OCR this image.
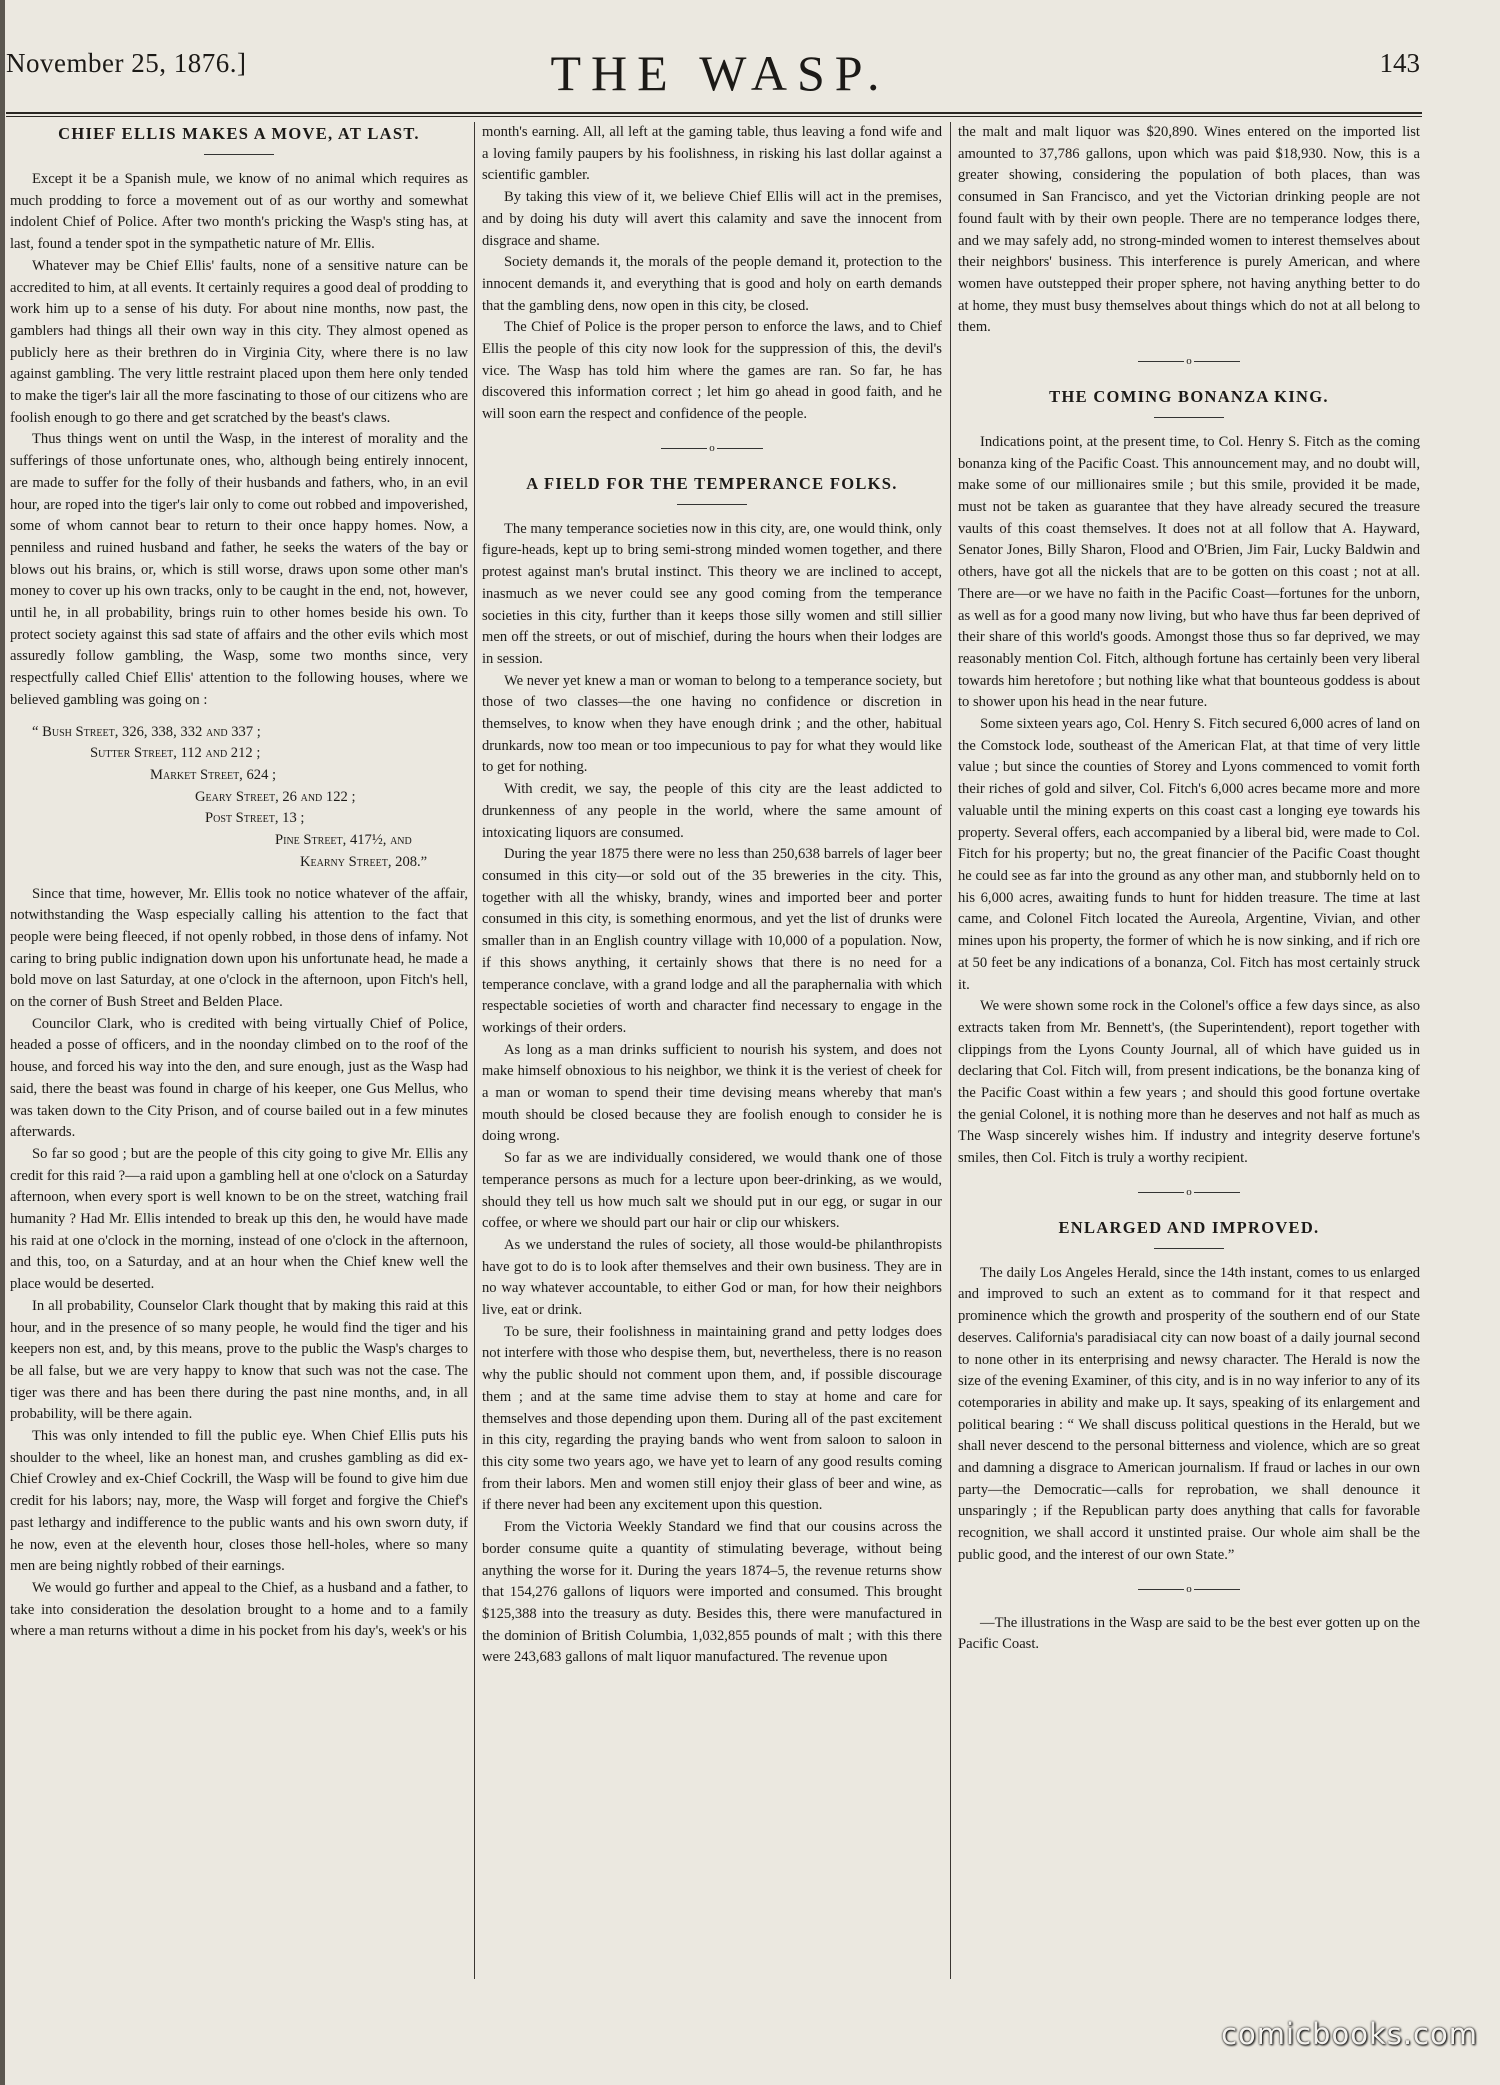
November 25, 1876.]	THE WASP.	143
CHIEF ELLIS MAKES A MOVE, AT LAST.

Except it be a Spanish mule, we know of no animal which requires as much prodding to force a movement out of as our worthy and somewhat indolent Chief of Police. After two month's pricking the Wasp's sting has, at last, found a tender spot in the sympathetic nature of Mr. Ellis.

Whatever may be Chief Ellis' faults, none of a sensitive nature can be accredited to him, at all events. It certainly requires a good deal of prodding to work him up to a sense of his duty. For about nine months, now past, the gamblers had things all their own way in this city. They almost opened as publicly here as their brethren do in Virginia City, where there is no law against gambling. The very little restraint placed upon them here only tended to make the tiger's lair all the more fascinating to those of our citizens who are foolish enough to go there and get scratched by the beast's claws.

Thus things went on until the Wasp, in the interest of morality and the sufferings of those unfortunate ones, who, although being entirely innocent, are made to suffer for the folly of their husbands and fathers, who, in an evil hour, are roped into the tiger's lair only to come out robbed and impoverished, some of whom cannot bear to return to their once happy homes. Now, a penniless and ruined husband and father, he seeks the waters of the bay or blows out his brains, or, which is still worse, draws upon some other man's money to cover up his own tracks, only to be caught in the end, not, however, until he, in all probability, brings ruin to other homes beside his own. To protect society against this sad state of affairs and the other evils which most assuredly follow gambling, the Wasp, some two months since, very respectfully called Chief Ellis' attention to the following houses, where we believed gambling was going on :

“ Bush Street, 326, 338, 332 and 337 ;
Sutter Street, 112 and 212 ;
Market Street, 624 ;
Geary Street, 26 and 122 ;
Post Street, 13 ;
Pine Street, 417½, and
Kearny Street, 208.”

Since that time, however, Mr. Ellis took no notice whatever of the affair, notwithstanding the Wasp especially calling his attention to the fact that people were being fleeced, if not openly robbed, in those dens of infamy. Not caring to bring public indignation down upon his unfortunate head, he made a bold move on last Saturday, at one o'clock in the afternoon, upon Fitch's hell, on the corner of Bush Street and Belden Place.

Councilor Clark, who is credited with being virtually Chief of Police, headed a posse of officers, and in the noonday climbed on to the roof of the house, and forced his way into the den, and sure enough, just as the Wasp had said, there the beast was found in charge of his keeper, one Gus Mellus, who was taken down to the City Prison, and of course bailed out in a few minutes afterwards.

So far so good ; but are the people of this city going to give Mr. Ellis any credit for this raid ?—a raid upon a gambling hell at one o'clock on a Saturday afternoon, when every sport is well known to be on the street, watching frail humanity ? Had Mr. Ellis intended to break up this den, he would have made his raid at one o'clock in the morning, instead of one o'clock in the afternoon, and this, too, on a Saturday, and at an hour when the Chief knew well the place would be deserted.

In all probability, Counselor Clark thought that by making this raid at this hour, and in the presence of so many people, he would find the tiger and his keepers non est, and, by this means, prove to the public the Wasp's charges to be all false, but we are very happy to know that such was not the case. The tiger was there and has been there during the past nine months, and, in all probability, will be there again.

This was only intended to fill the public eye. When Chief Ellis puts his shoulder to the wheel, like an honest man, and crushes gambling as did ex-Chief Crowley and ex-Chief Cockrill, the Wasp will be found to give him due credit for his labors; nay, more, the Wasp will forget and forgive the Chief's past lethargy and indifference to the public wants and his own sworn duty, if he now, even at the eleventh hour, closes those hell-holes, where so many men are being nightly robbed of their earnings.

We would go further and appeal to the Chief, as a husband and a father, to take into consideration the desolation brought to a home and to a family where a man returns without a dime in his pocket from his day's, week's or his

month's earning. All, all left at the gaming table, thus leaving a fond wife and a loving family paupers by his foolishness, in risking his last dollar against a scientific gambler.

By taking this view of it, we believe Chief Ellis will act in the premises, and by doing his duty will avert this calamity and save the innocent from disgrace and shame.

Society demands it, the morals of the people demand it, protection to the innocent demands it, and everything that is good and holy on earth demands that the gambling dens, now open in this city, be closed.

The Chief of Police is the proper person to enforce the laws, and to Chief Ellis the people of this city now look for the suppression of this, the devil's vice. The Wasp has told him where the games are ran. So far, he has discovered this information correct ; let him go ahead in good faith, and he will soon earn the respect and confidence of the people.

o
A FIELD FOR THE TEMPERANCE FOLKS.

The many temperance societies now in this city, are, one would think, only figure-heads, kept up to bring semi-strong minded women together, and there protest against man's brutal instinct. This theory we are inclined to accept, inasmuch as we never could see any good coming from the temperance societies in this city, further than it keeps those silly women and still sillier men off the streets, or out of mischief, during the hours when their lodges are in session.

We never yet knew a man or woman to belong to a temperance society, but those of two classes—the one having no confidence or discretion in themselves, to know when they have enough drink ; and the other, habitual drunkards, now too mean or too impecunious to pay for what they would like to get for nothing.

With credit, we say, the people of this city are the least addicted to drunkenness of any people in the world, where the same amount of intoxicating liquors are consumed.

During the year 1875 there were no less than 250,638 barrels of lager beer consumed in this city—or sold out of the 35 breweries in the city. This, together with all the whisky, brandy, wines and imported beer and porter consumed in this city, is something enormous, and yet the list of drunks were smaller than in an English country village with 10,000 of a population. Now, if this shows anything, it certainly shows that there is no need for a temperance conclave, with a grand lodge and all the paraphernalia with which respectable societies of worth and character find necessary to engage in the workings of their orders.

As long as a man drinks sufficient to nourish his system, and does not make himself obnoxious to his neighbor, we think it is the veriest of cheek for a man or woman to spend their time devising means whereby that man's mouth should be closed because they are foolish enough to consider he is doing wrong.

So far as we are individually considered, we would thank one of those temperance persons as much for a lecture upon beer-drinking, as we would, should they tell us how much salt we should put in our egg, or sugar in our coffee, or where we should part our hair or clip our whiskers.

As we understand the rules of society, all those would-be philanthropists have got to do is to look after themselves and their own business. They are in no way whatever accountable, to either God or man, for how their neighbors live, eat or drink.

To be sure, their foolishness in maintaining grand and petty lodges does not interfere with those who despise them, but, nevertheless, there is no reason why the public should not comment upon them, and, if possible discourage them ; and at the same time advise them to stay at home and care for themselves and those depending upon them. During all of the past excitement in this city, regarding the praying bands who went from saloon to saloon in this city some two years ago, we have yet to learn of any good results coming from their labors. Men and women still enjoy their glass of beer and wine, as if there never had been any excitement upon this question.

From the Victoria Weekly Standard we find that our cousins across the border consume quite a quantity of stimulating beverage, without being anything the worse for it. During the years 1874–5, the revenue returns show that 154,276 gallons of liquors were imported and consumed. This brought $125,388 into the treasury as duty. Besides this, there were manufactured in the dominion of British Columbia, 1,032,855 pounds of malt ; with this there were 243,683 gallons of malt liquor manufactured. The revenue upon

the malt and malt liquor was $20,890. Wines entered on the imported list amounted to 37,786 gallons, upon which was paid $18,930. Now, this is a greater showing, considering the population of both places, than was consumed in San Francisco, and yet the Victorian drinking people are not found fault with by their own people. There are no temperance lodges there, and we may safely add, no strong-minded women to interest themselves about their neighbors' business. This interference is purely American, and where women have outstepped their proper sphere, not having anything better to do at home, they must busy themselves about things which do not at all belong to them.

o
THE COMING BONANZA KING.

Indications point, at the present time, to Col. Henry S. Fitch as the coming bonanza king of the Pacific Coast. This announcement may, and no doubt will, make some of our millionaires smile ; but this smile, provided it be made, must not be taken as guarantee that they have already secured the treasure vaults of this coast themselves. It does not at all follow that A. Hayward, Senator Jones, Billy Sharon, Flood and O'Brien, Jim Fair, Lucky Baldwin and others, have got all the nickels that are to be gotten on this coast ; not at all. There are—or we have no faith in the Pacific Coast—fortunes for the unborn, as well as for a good many now living, but who have thus far been deprived of their share of this world's goods. Amongst those thus so far deprived, we may reasonably mention Col. Fitch, although fortune has certainly been very liberal towards him heretofore ; but nothing like what that bounteous goddess is about to shower upon his head in the near future.

Some sixteen years ago, Col. Henry S. Fitch secured 6,000 acres of land on the Comstock lode, southeast of the American Flat, at that time of very little value ; but since the counties of Storey and Lyons commenced to vomit forth their riches of gold and silver, Col. Fitch's 6,000 acres became more and more valuable until the mining experts on this coast cast a longing eye towards his property. Several offers, each accompanied by a liberal bid, were made to Col. Fitch for his property; but no, the great financier of the Pacific Coast thought he could see as far into the ground as any other man, and stubbornly held on to his 6,000 acres, awaiting funds to hunt for hidden treasure. The time at last came, and Colonel Fitch located the Aureola, Argentine, Vivian, and other mines upon his property, the former of which he is now sinking, and if rich ore at 50 feet be any indications of a bonanza, Col. Fitch has most certainly struck it.

We were shown some rock in the Colonel's office a few days since, as also extracts taken from Mr. Bennett's, (the Superintendent), report together with clippings from the Lyons County Journal, all of which have guided us in declaring that Col. Fitch will, from present indications, be the bonanza king of the Pacific Coast within a few years ; and should this good fortune overtake the genial Colonel, it is nothing more than he deserves and not half as much as The Wasp sincerely wishes him. If industry and integrity deserve fortune's smiles, then Col. Fitch is truly a worthy recipient.

o
ENLARGED AND IMPROVED.

The daily Los Angeles Herald, since the 14th instant, comes to us enlarged and improved to such an extent as to command for it that respect and prominence which the growth and prosperity of the southern end of our State deserves. California's paradisiacal city can now boast of a daily journal second to none other in its enterprising and newsy character. The Herald is now the size of the evening Examiner, of this city, and is in no way inferior to any of its cotemporaries in ability and make up. It says, speaking of its enlargement and political bearing : “ We shall discuss political questions in the Herald, but we shall never descend to the personal bitterness and violence, which are so great and damning a disgrace to American journalism. If fraud or laches in our own party—the Democratic—calls for reprobation, we shall denounce it unsparingly ; if the Republican party does anything that calls for favorable recognition, we shall accord it unstinted praise. Our whole aim shall be the public good, and the interest of our own State.”

o

—The illustrations in the Wasp are said to be the best ever gotten up on the Pacific Coast.

comicbooks.com
